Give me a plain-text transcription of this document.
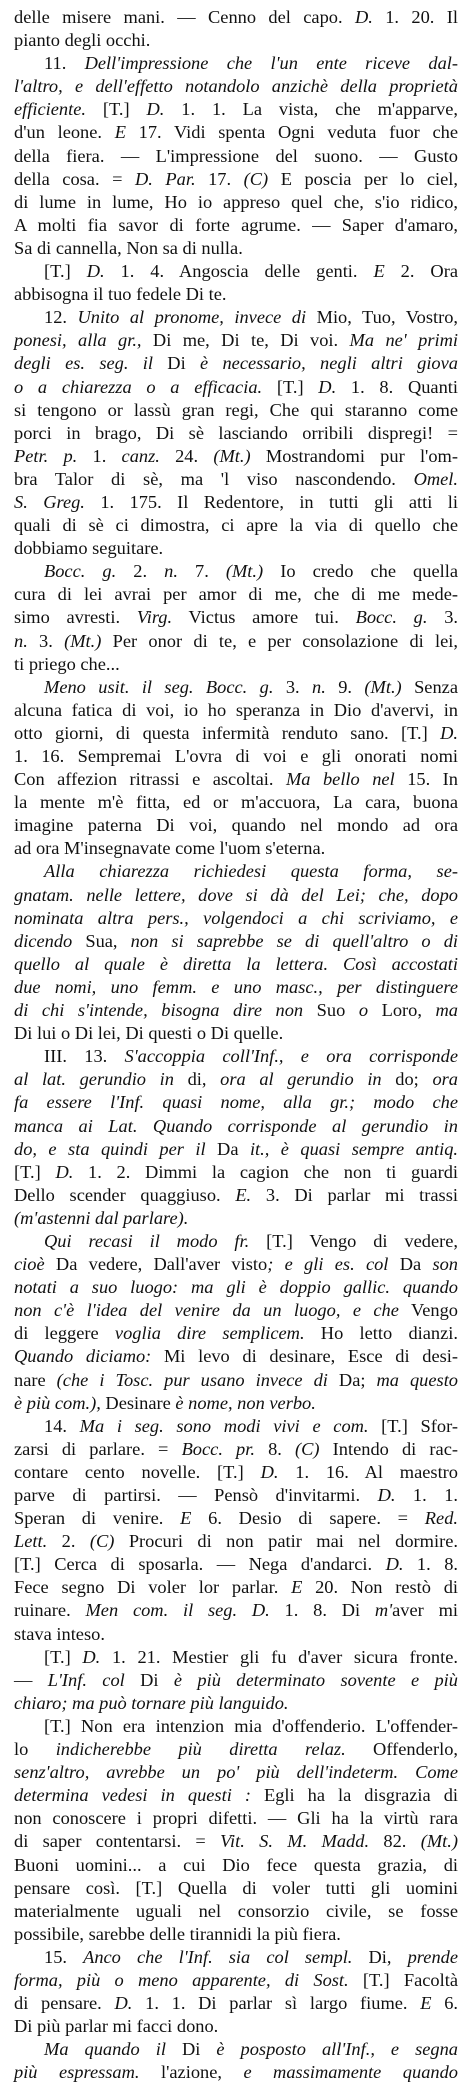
delle misere mani. — Cenno del capo. D. 1. 20. Il
pianto degli occhi.
11. Dell'impressione che l'un ente riceve dal-
l'altro, e dell'effetto notandolo anzichè della proprietà
efficiente. [T.] D. 1. 1. La vista, che m'apparve,
d'un leone. E 17. Vidi spenta Ogni veduta fuor che
della fiera. — L'impressione del suono. — Gusto
della cosa. = D. Par. 17. (C) E poscia per lo ciel,
di lume in lume, Ho io appreso quel che, s'io ridico,
A molti fia savor di forte agrume. — Saper d'amaro,
Sa di cannella, Non sa di nulla.
[T.] D. 1. 4. Angoscia delle genti. E 2. Ora
abbisogna il tuo fedele Di te.
12. Unito al pronome, invece di Mio, Tuo, Vostro,
ponesi, alla gr., Di me, Di te, Di voi. Ma ne' primi
degli es. seg. il Di è necessario, negli altri giova
o a chiarezza o a efficacia. [T.] D. 1. 8. Quanti
si tengono or lassù gran regi, Che qui staranno come
porci in brago, Di sè lasciando orribili dispregi! =
Petr. p. 1. canz. 24. (Mt.) Mostrandomi pur l'om-
bra Talor di sè, ma 'l viso nascondendo. Omel.
S. Greg. 1. 175. Il Redentore, in tutti gli atti li
quali di sè ci dimostra, ci apre la via di quello che
dobbiamo seguitare.
Bocc. g. 2. n. 7. (Mt.) Io credo che quella
cura di lei avrai per amor di me, che di me mede-
simo avresti. Virg. Victus amore tui. Bocc. g. 3.
n. 3. (Mt.) Per onor di te, e per consolazione di lei,
ti priego che...
Meno usit. il seg. Bocc. g. 3. n. 9. (Mt.) Senza
alcuna fatica di voi, io ho speranza in Dio d'avervi, in
otto giorni, di questa infermità renduto sano. [T.] D.
1. 16. Sempremai L'ovra di voi e gli onorati nomi
Con affezion ritrassi e ascoltai. Ma bello nel 15. In
la mente m'è fitta, ed or m'accuora, La cara, buona
imagine paterna Di voi, quando nel mondo ad ora
ad ora M'insegnavate come l'uom s'eterna.
Alla chiarezza richiedesi questa forma, se-
gnatam. nelle lettere, dove si dà del Lei; che, dopo
nominata altra pers., volgendoci a chi scriviamo, e
dicendo Sua, non si saprebbe se di quell'altro o di
quello al quale è diretta la lettera. Così accostati
due nomi, uno femm. e uno masc., per distinguere
di chi s'intende, bisogna dire non Suo o Loro, ma
Di lui o Di lei, Di questi o Di quelle.
III. 13. S'accoppia coll'Inf., e ora corrisponde
al lat. gerundio in di, ora al gerundio in do; ora
fa essere l'Inf. quasi nome, alla gr.; modo che
manca ai Lat. Quando corrisponde al gerundio in
do, e sta quindi per il Da it., è quasi sempre antiq.
[T.] D. 1. 2. Dimmi la cagion che non ti guardi
Dello scender quaggiuso. E. 3. Di parlar mi trassi
(m'astenni dal parlare).
Qui recasi il modo fr. [T.] Vengo di vedere,
cioè Da vedere, Dall'aver visto; e gli es. col Da son
notati a suo luogo: ma gli è doppio gallic. quando
non c'è l'idea del venire da un luogo, e che Vengo
di leggere voglia dire semplicem. Ho letto dianzi.
Quando diciamo: Mi levo di desinare, Esce di desi-
nare (che i Tosc. pur usano invece di Da; ma questo
è più com.), Desinare è nome, non verbo.
14. Ma i seg. sono modi vivi e com. [T.] Sfor-
zarsi di parlare. = Bocc. pr. 8. (C) Intendo di rac-
contare cento novelle. [T.] D. 1. 16. Al maestro
parve di partirsi. — Pensò d'invitarmi. D. 1. 1.
Speran di venire. E 6. Desio di sapere. = Red.
Lett. 2. (C) Procuri di non patir mai nel dormire.
[T.] Cerca di sposarla. — Nega d'andarci. D. 1. 8.
Fece segno Di voler lor parlar. E 20. Non restò di
ruinare. Men com. il seg. D. 1. 8. Di m'aver mi
stava inteso.
[T.] D. 1. 21. Mestier gli fu d'aver sicura fronte.
— L'Inf. col Di è più determinato sovente e più
chiaro; ma può tornare più languido.
[T.] Non era intenzion mia d'offenderio. L'offender-
lo indicherebbe più diretta relaz. Offenderlo,
senz'altro, avrebbe un po' più dell'indeterm. Come
determina vedesi in questi : Egli ha la disgrazia di
non conoscere i propri difetti. — Gli ha la virtù rara
di saper contentarsi. = Vit. S. M. Madd. 82. (Mt.)
Buoni uomini... a cui Dio fece questa grazia, di
pensare così. [T.] Quella di voler tutti gli uomini
materialmente uguali nel consorzio civile, se fosse
possibile, sarebbe delle tirannidi la più fiera.
15. Anco che l'Inf. sia col sempl. Di, prende
forma, più o meno apparente, di Sost. [T.] Facoltà
di pensare. D. 1. 1. Di parlar sì largo fiume. E 6.
Di più parlar mi facci dono.
Ma quando il Di è posposto all'Inf., e segna
più espressam. l'azione, e massimamente quando
